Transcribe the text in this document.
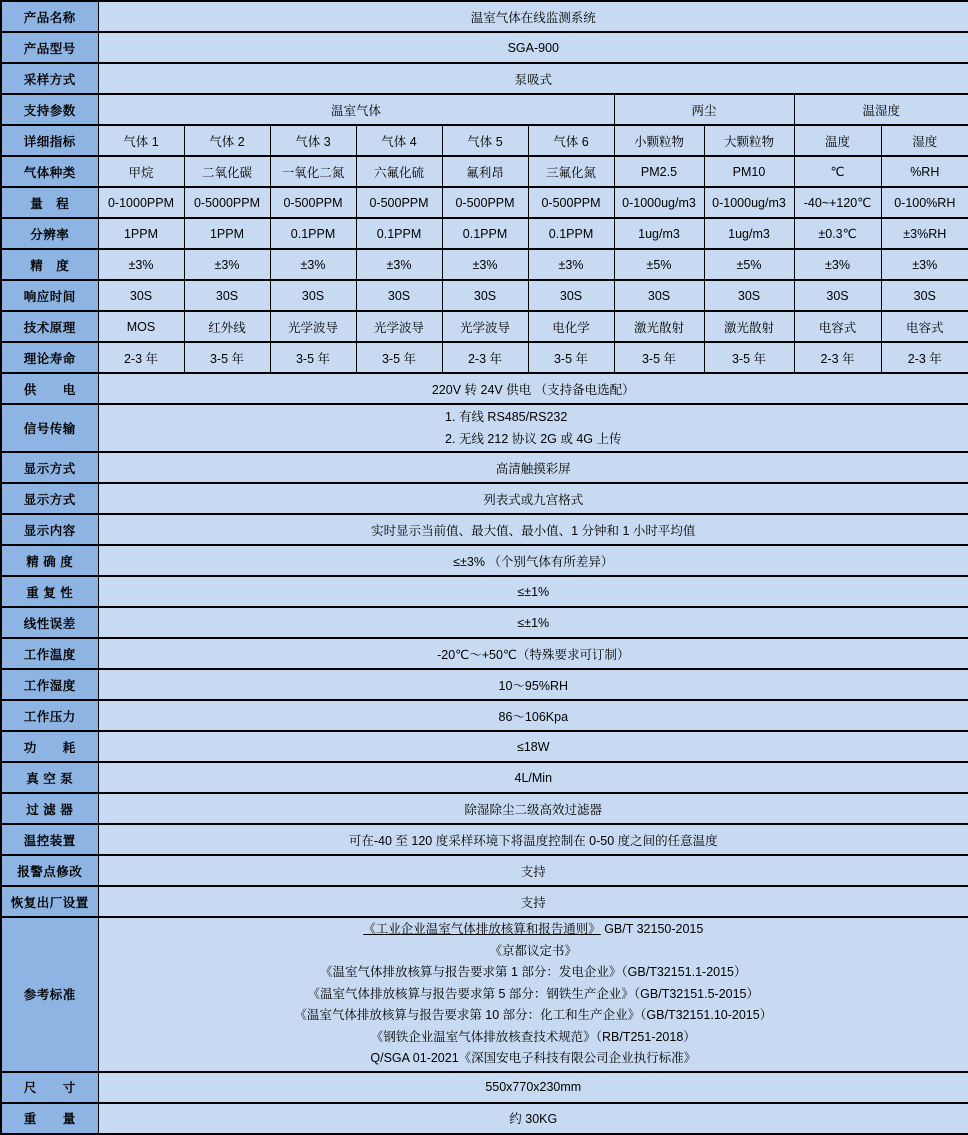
产品名称	温室气体在线监测系统									
产品型号	SGA-900									
采样方式	泵吸式									
支持参数	温室气体						两尘		温湿度	
详细指标	气体 1	气体 2	气体 3	气体 4	气体 5	气体 6	小颗粒物	大颗粒物	温度	湿度
气体种类	甲烷	二氧化碳	一氧化二氮	六氟化硫	氟利昂	三氟化氮	PM2.5	PM10	℃	%RH
量　程	0-1000PPM	0-5000PPM	0-500PPM	0-500PPM	0-500PPM	0-500PPM	0-1000ug/m3	0-1000ug/m3	-40~+120℃	0-100%RH
分辨率	1PPM	1PPM	0.1PPM	0.1PPM	0.1PPM	0.1PPM	1ug/m3	1ug/m3	±0.3℃	±3%RH
精　度	±3%	±3%	±3%	±3%	±3%	±3%	±5%	±5%	±3%	±3%
响应时间	30S	30S	30S	30S	30S	30S	30S	30S	30S	30S
技术原理	MOS	红外线	光学波导	光学波导	光学波导	电化学	激光散射	激光散射	电容式	电容式
理论寿命	2-3 年	3-5 年	3-5 年	3-5 年	2-3 年	3-5 年	3-5 年	3-5 年	2-3 年	2-3 年
供　　电	220V 转 24V 供电 （支持备电选配）									
信号传输	1. 有线 RS485/RS232
2. 无线 212 协议 2G 或 4G 上传									

显示方式	高清触摸彩屏									
显示方式	列表式或九宫格式									
显示内容	实时显示当前值、最大值、最小值、1 分钟和 1 小时平均值									
精 确 度	≤±3% （个别气体有所差异）									
重 复 性	≤±1%									
线性误差	≤±1%									
工作温度	-20℃～+50℃（特殊要求可订制）									
工作湿度	10～95%RH									
工作压力	86～106Kpa									
功　　耗	≤18W									
真 空 泵	4L/Min									
过 滤 器	除湿除尘二级高效过滤器									
温控装置	可在-40 至 120 度采样环境下将温度控制在 0-50 度之间的任意温度									
报警点修改	支持									
恢复出厂设置	支持									
参考标准	
《工业企业温室气体排放核算和报告通则》 GB/T 32150-2015
《京都议定书》
《温室气体排放核算与报告要求第 1 部分：发电企业》（GB/T32151.1-2015）
《温室气体排放核算与报告要求第 5 部分：钢铁生产企业》（GB/T32151.5-2015）
《温室气体排放核算与报告要求第 10 部分：化工和生产企业》（GB/T32151.10-2015）
《钢铁企业温室气体排放核查技术规范》（RB/T251-2018）
Q/SGA 01-2021《深国安电子科技有限公司企业执行标准》

尺　　寸	550x770x230mm									
重　　量	约 30KG									
